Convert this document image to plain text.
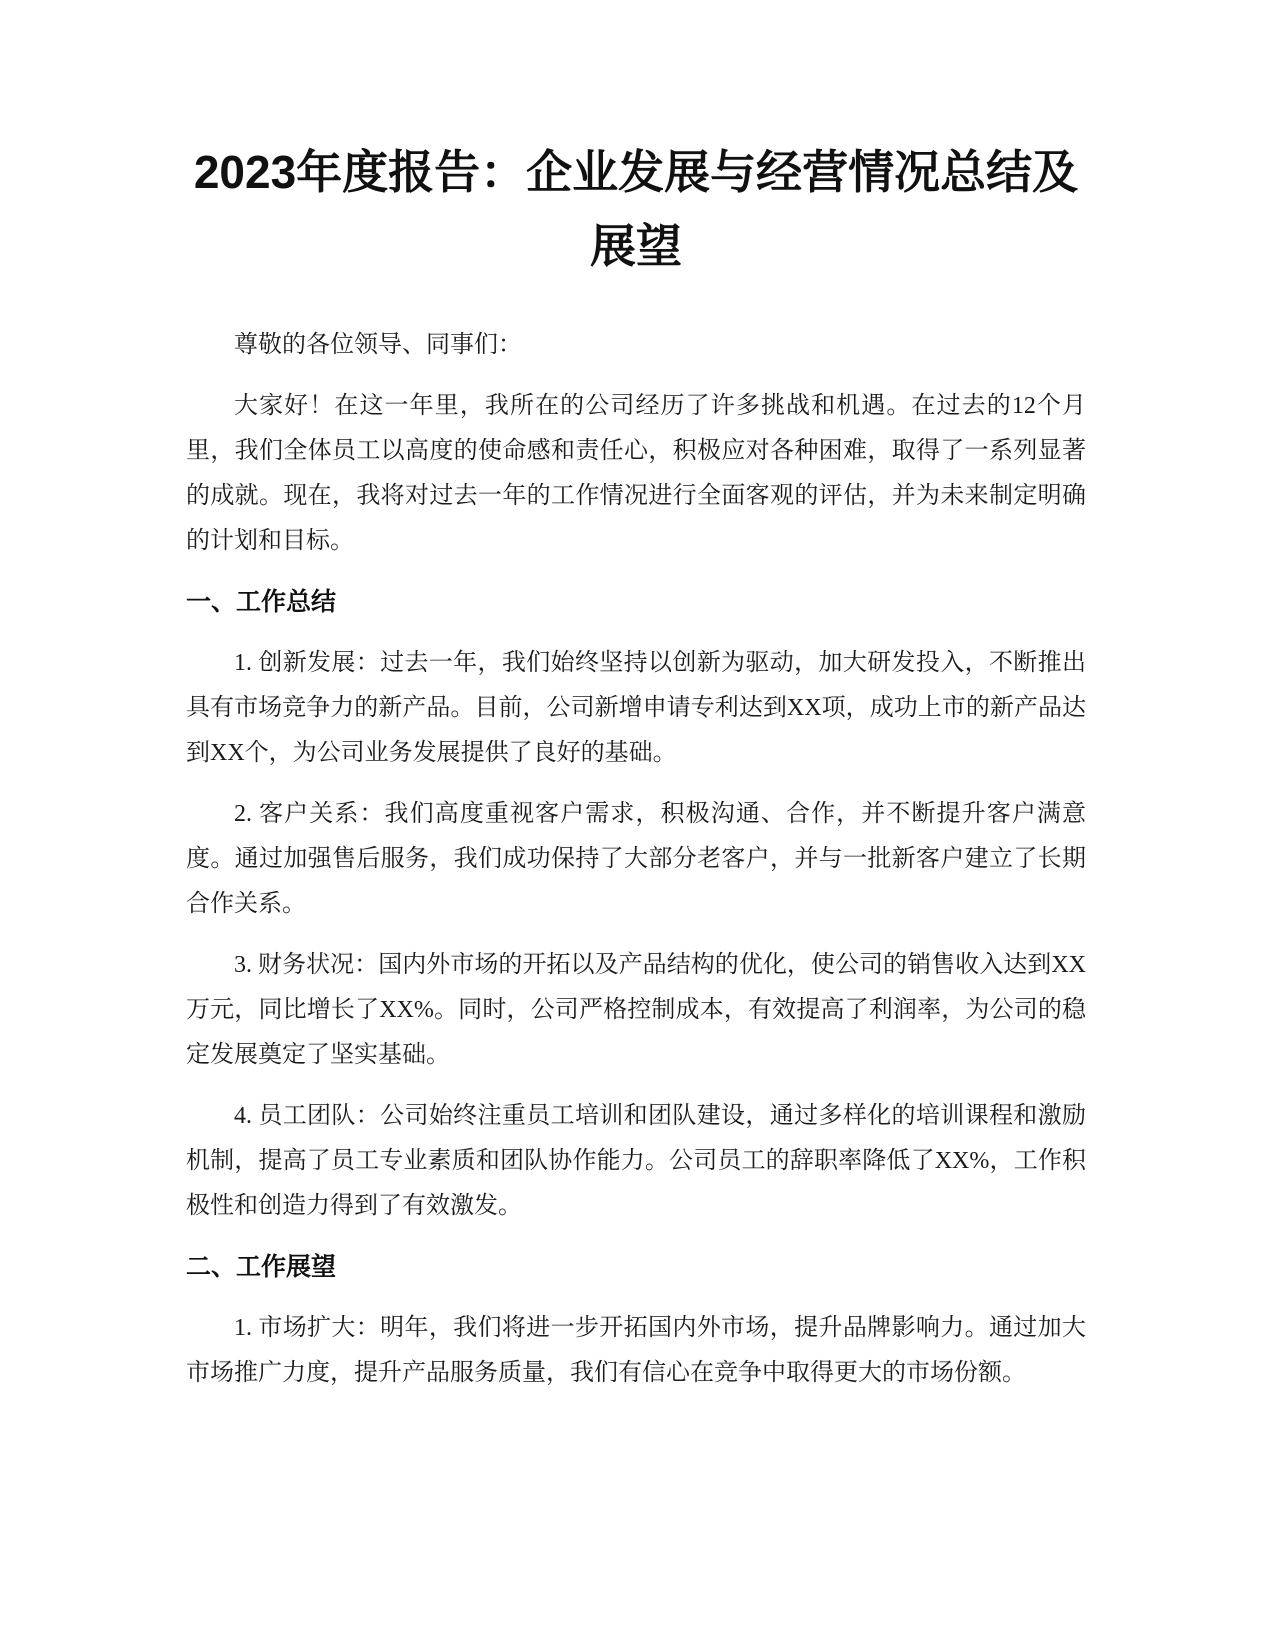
2023年度报告：企业发展与经营情况总结及展望

尊敬的各位领导、同事们：

大家好！在这一年里，我所在的公司经历了许多挑战和机遇。在过去的12个月里，我们全体员工以高度的使命感和责任心，积极应对各种困难，取得了一系列显著的成就。现在，我将对过去一年的工作情况进行全面客观的评估，并为未来制定明确的计划和目标。

一、工作总结

1. 创新发展：过去一年，我们始终坚持以创新为驱动，加大研发投入，不断推出具有市场竞争力的新产品。目前，公司新增申请专利达到XX项，成功上市的新产品达到XX个，为公司业务发展提供了良好的基础。

2. 客户关系：我们高度重视客户需求，积极沟通、合作，并不断提升客户满意度。通过加强售后服务，我们成功保持了大部分老客户，并与一批新客户建立了长期合作关系。

3. 财务状况：国内外市场的开拓以及产品结构的优化，使公司的销售收入达到XX万元，同比增长了XX%。同时，公司严格控制成本，有效提高了利润率，为公司的稳定发展奠定了坚实基础。

4. 员工团队：公司始终注重员工培训和团队建设，通过多样化的培训课程和激励机制，提高了员工专业素质和团队协作能力。公司员工的辞职率降低了XX%，工作积极性和创造力得到了有效激发。

二、工作展望

1. 市场扩大：明年，我们将进一步开拓国内外市场，提升品牌影响力。通过加大市场推广力度，提升产品服务质量，我们有信心在竞争中取得更大的市场份额。
